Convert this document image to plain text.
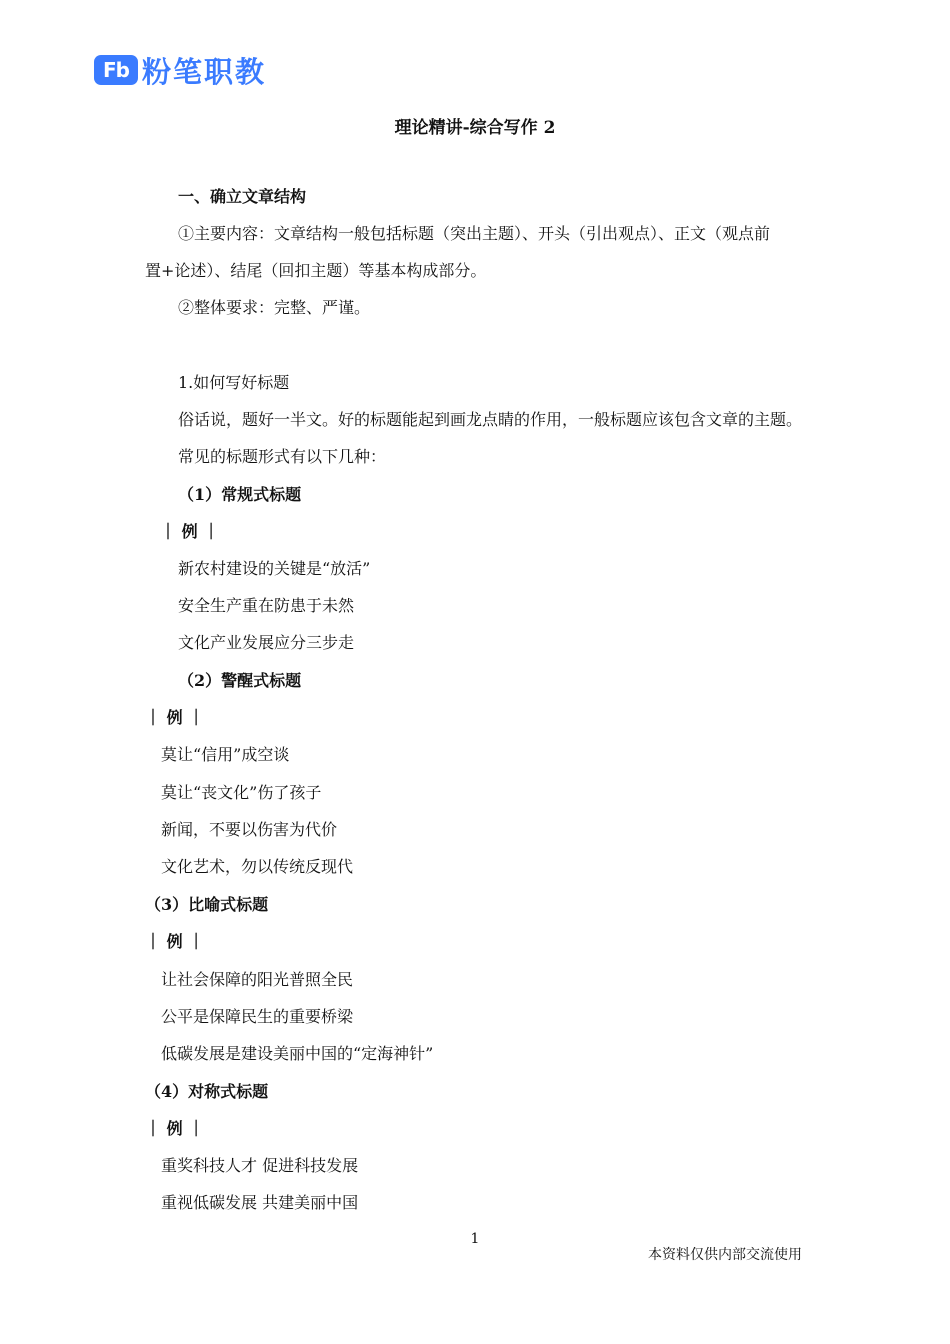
Fb 粉笔职教
理论精讲-综合写作 2
一、确立文章结构
①主要内容：文章结构一般包括标题（突出主题）、开头（引出观点）、正文（观点前
置+论述）、结尾（回扣主题）等基本构成部分。
②整体要求：完整、严谨。
1.如何写好标题
俗话说，题好一半文。好的标题能起到画龙点睛的作用，一般标题应该包含文章的主题。
常见的标题形式有以下几种：
（1）常规式标题
｜ 例 ｜
新农村建设的关键是“放活”
安全生产重在防患于未然
文化产业发展应分三步走
（2）警醒式标题
｜ 例 ｜
莫让“信用”成空谈
莫让“丧文化”伤了孩子
新闻，不要以伤害为代价
文化艺术，勿以传统反现代
（3）比喻式标题
｜ 例 ｜
让社会保障的阳光普照全民
公平是保障民生的重要桥梁
低碳发展是建设美丽中国的“定海神针”
（4）对称式标题
｜ 例 ｜
重奖科技人才 促进科技发展
重视低碳发展 共建美丽中国
1
本资料仅供内部交流使用
